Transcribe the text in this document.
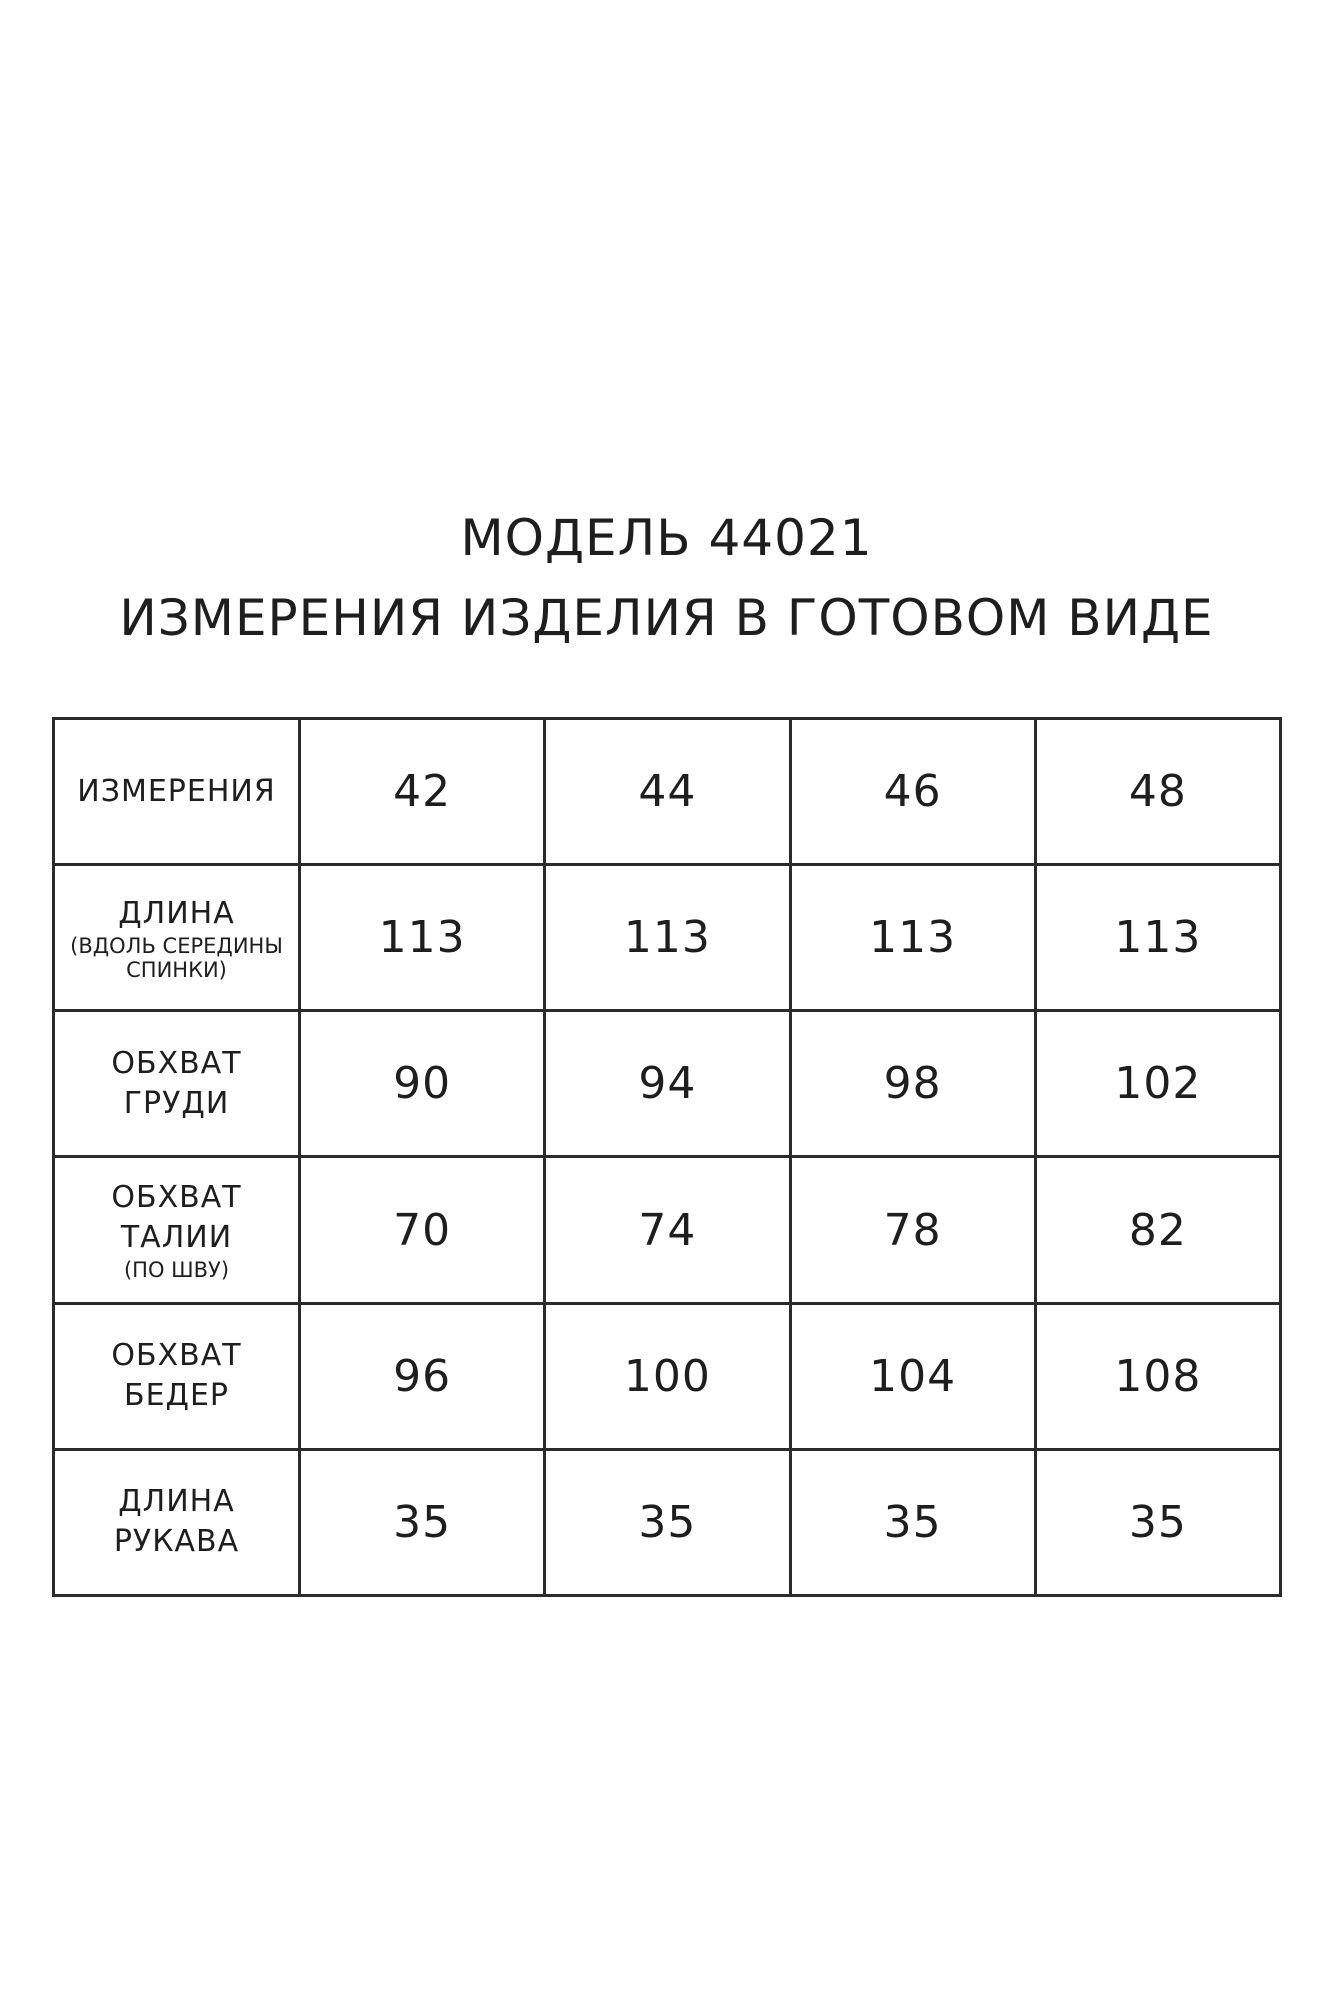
МОДЕЛЬ 44021
ИЗМЕРЕНИЯ ИЗДЕЛИЯ В ГОТОВОМ ВИДЕ
ИЗМЕРЕНИЯ	42	44	46	48

ДЛИНА
(ВДОЛЬ СЕРЕДИНЫ
СПИНКИ)	113	113	113	113

ОБХВАТ
ГРУДИ	90	94	98	102

ОБХВАТ
ТАЛИИ
(ПО ШВУ)	70	74	78	82

ОБХВАТ
БЕДЕР	96	100	104	108

ДЛИНА
РУКАВА	35	35	35	35
